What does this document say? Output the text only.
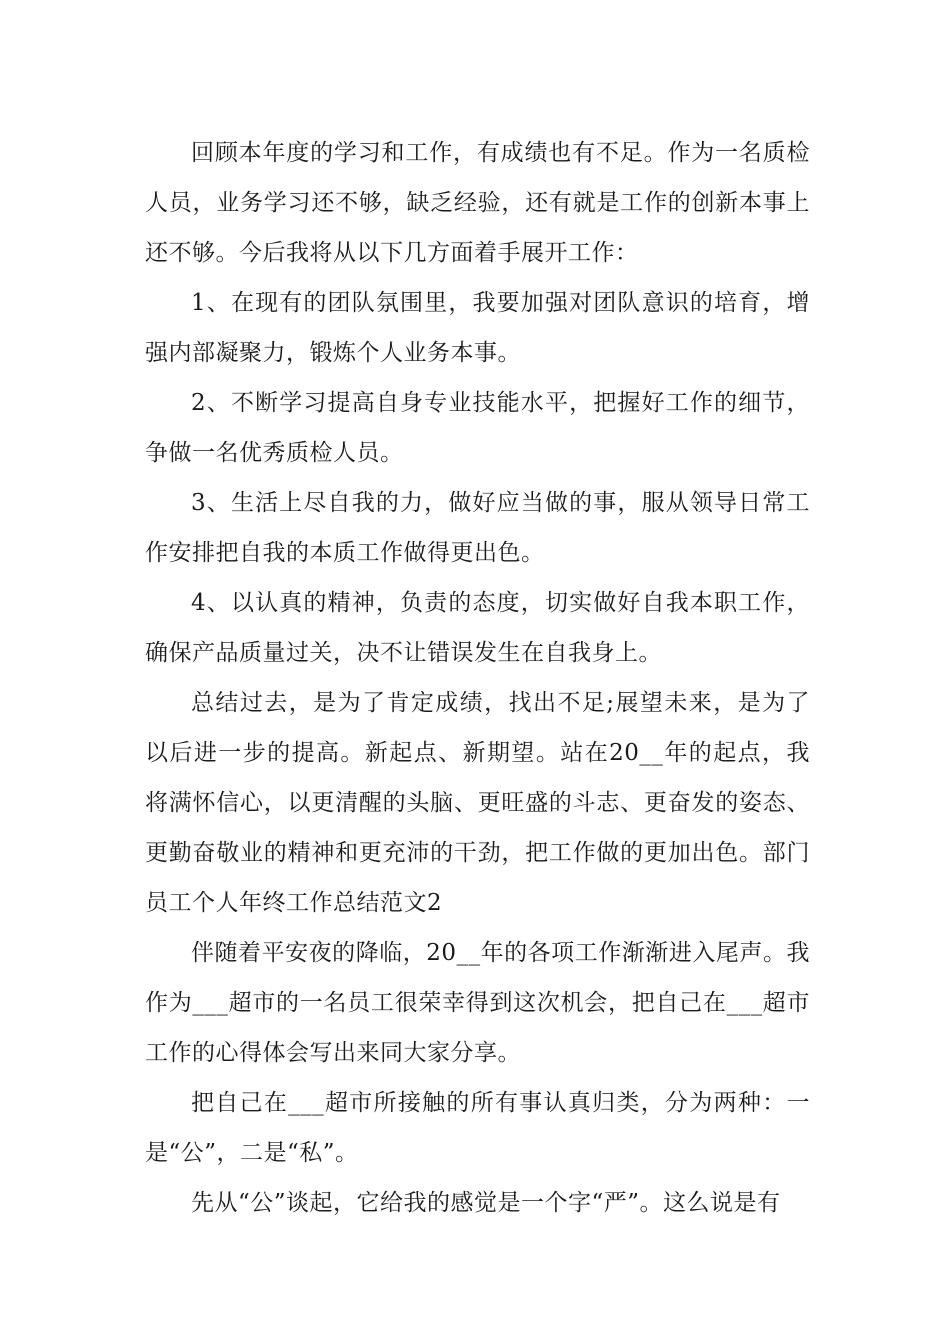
回顾本年度的学习和工作，有成绩也有不足。作为一名质检人员，业务学习还不够，缺乏经验，还有就是工作的创新本事上还不够。今后我将从以下几方面着手展开工作：

1、在现有的团队氛围里，我要加强对团队意识的培育，增强内部凝聚力，锻炼个人业务本事。

2、不断学习提高自身专业技能水平，把握好工作的细节，争做一名优秀质检人员。

3、生活上尽自我的力，做好应当做的事，服从领导日常工作安排把自我的本质工作做得更出色。

4、以认真的精神，负责的态度，切实做好自我本职工作，确保产品质量过关，决不让错误发生在自我身上。

总结过去，是为了肯定成绩，找出不足;展望未来，是为了以后进一步的提高。新起点、新期望。站在20__年的起点，我将满怀信心，以更清醒的头脑、更旺盛的斗志、更奋发的姿态、更勤奋敬业的精神和更充沛的干劲，把工作做的更加出色。部门员工个人年终工作总结范文2

伴随着平安夜的降临，20__年的各项工作渐渐进入尾声。我作为___超市的一名员工很荣幸得到这次机会，把自己在___超市工作的心得体会写出来同大家分享。

把自己在___超市所接触的所有事认真归类，分为两种：一是“公”，二是“私”。

先从“公”谈起，它给我的感觉是一个字“严”。这么说是有
